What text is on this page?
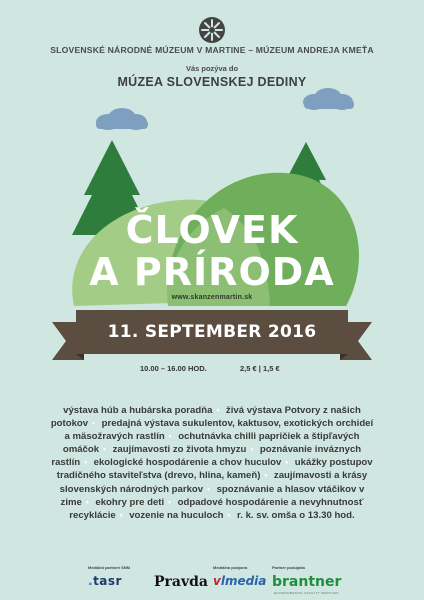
SLOVENSKÉ NÁRODNÉ MÚZEUM V MARTINE – MÚZEUM ANDREJA KMEŤA
Vás pozýva do
MÚZEA SLOVENSKEJ DEDINY
ČLOVEK
A PRÍRODA
www.skanzenmartin.sk
11. SEPTEMBER 2016
10.00 – 16.00 HOD.	2,5 € | 1,5 €
výstava húb a hubárska poradňa • živá výstava Potvory z našich potokov • predajná výstava sukulentov, kaktusov, exotických orchideí a mäsožravých rastlín • ochutnávka chilli papričiek a štipľavých omáčok • zaujímavosti zo života hmyzu • poznávanie inváznych rastlín • ekologické hospodárenie a chov huculov • ukážky postupov tradičného staviteľstva (drevo, hlina, kameň) • zaujímavosti a krásy slovenských národných parkov • spoznávanie a hlasov vtáčikov v zime • ekohry pre deti • odpadové hospodárenie a nevyhnutnosť recyklácie • vozenie na huculoch • r. k. sv. omša o 13.30 hod.
Mediálni partneri SNM	Mediálna podpora	Partner podujatia
.tasr Pravda vlmedia brantner
ENVIRONMENTAL FACILITY SERVICES
